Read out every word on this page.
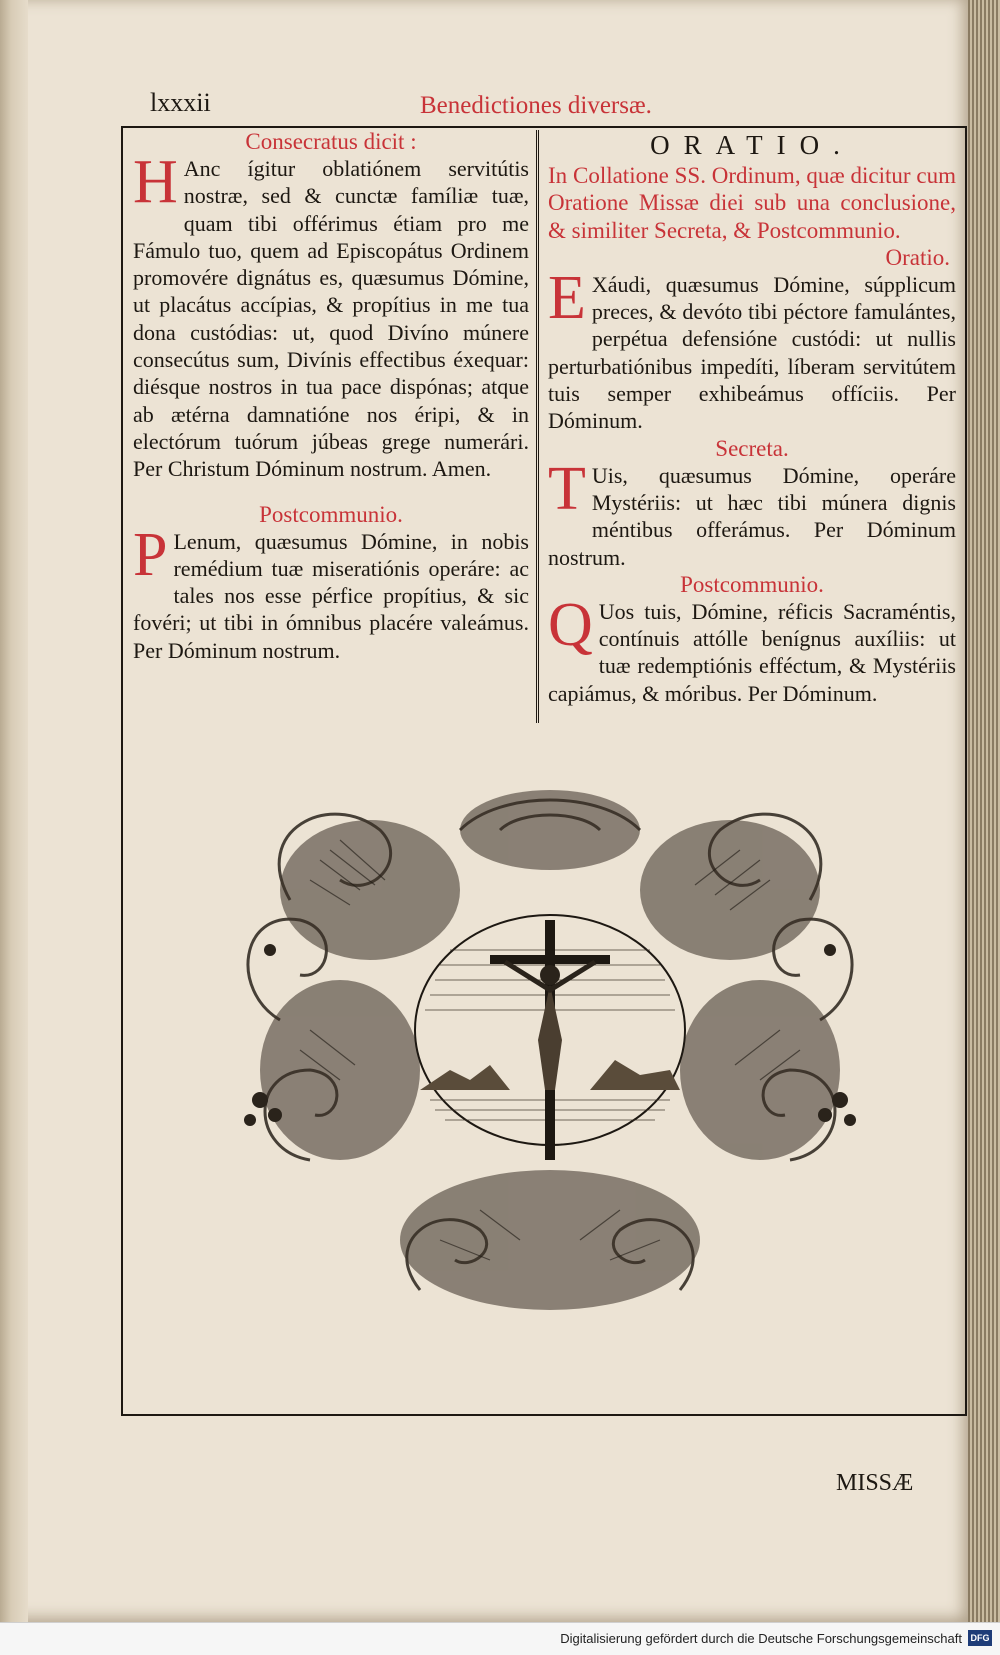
lxxxii	Benedictiones diversæ.
Consecratus dicit :

H Anc ígitur oblatiónem servitútis nostræ, sed & cunctæ famíliæ tuæ, quam tibi offérimus étiam pro me Fámulo tuo, quem ad Episcopátus Ordinem promovére dignátus es, quæsumus Dómine, ut placátus accípias, & propítius in me tua dona custódias: ut, quod Divíno múnere consecútus sum, Divínis effectibus éxequar: diésque nostros in tua pace dispónas; atque ab ætérna damnatióne nos éripi, & in electórum tuórum júbeas grege numerári. Per Christum Dóminum nostrum. Amen.

Postcommunio.

P Lenum, quæsumus Dómine, in nobis remédium tuæ miseratiónis operáre: ac tales nos esse pérfice propítius, & sic fovéri; ut tibi in ómnibus placére valeámus. Per Dóminum nostrum.

ORATIO.
In Collatione SS. Ordinum, quæ dicitur cum Oratione Missæ diei sub una conclusione, & similiter Secreta, & Postcommunio.
Oratio.

E Xáudi, quæsumus Dómine, súpplicum preces, & devóto tibi péctore famulántes, perpétua defensióne custódi: ut nullis perturbatiónibus impedíti, líberam servitútem tuis semper exhibeámus offíciis. Per Dóminum.

Secreta.

T Uis, quæsumus Dómine, operáre Mystériis: ut hæc tibi múnera dignis méntibus offerámus. Per Dóminum nostrum.

Postcommunio.

Q Uos tuis, Dómine, réficis Sacraméntis, contínuis attólle benígnus auxíliis: ut tuæ redemptiónis efféctum, & Mystériis capiámus, & móribus. Per Dóminum.

MISSÆ
Digitalisierung gefördert durch die Deutsche Forschungsgemeinschaft DFG
